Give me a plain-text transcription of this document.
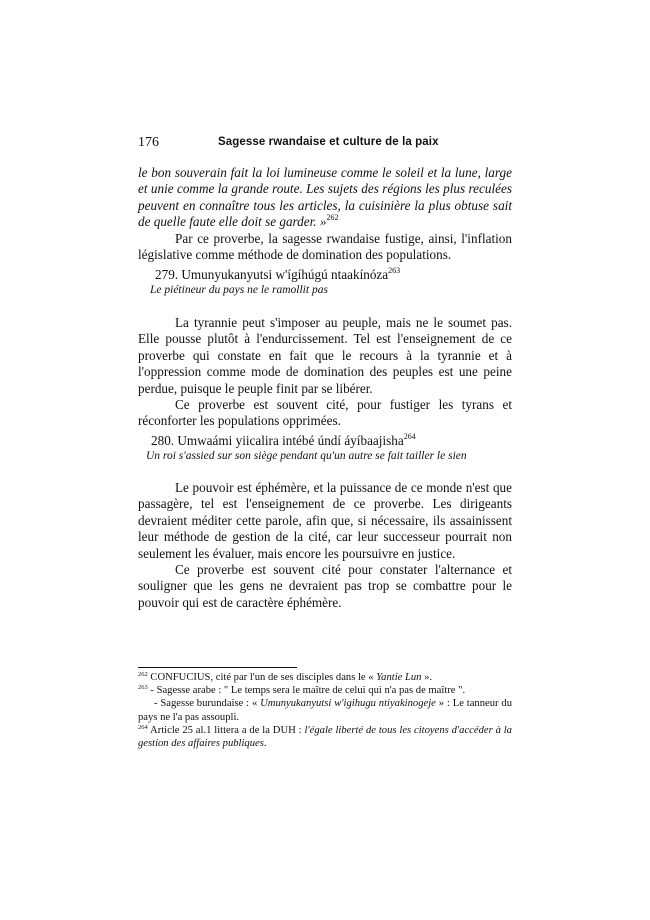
176	Sagesse rwandaise et culture de la paix

le bon souverain fait la loi lumineuse comme le soleil et la lune, large et unie comme la grande route. Les sujets des régions les plus reculées peuvent en connaître tous les articles, la cuisinière la plus obtuse sait de quelle faute elle doit se garder. »$^{262}$

Par ce proverbe, la sagesse rwandaise fustige, ainsi, l'inflation législative comme méthode de domination des populations.

279. Umunyukanyutsi w'ígíhúgú ntaakínóza$^{263}$

Le piétineur du pays ne le ramollit pas

La tyrannie peut s'imposer au peuple, mais ne le soumet pas. Elle pousse plutôt à l'endurcissement. Tel est l'enseignement de ce proverbe qui constate en fait que le recours à la tyrannie et à l'oppression comme mode de domination des peuples est une peine perdue, puisque le peuple finit par se libérer.

Ce proverbe est souvent cité, pour fustiger les tyrans et réconforter les populations opprimées.

280. Umwaámi yiicalira intébé úndí áyíbaajisha$^{264}$

Un roi s'assied sur son siège pendant qu'un autre se fait tailler le sien

Le pouvoir est éphémère, et la puissance de ce monde n'est que passagère, tel est l'enseignement de ce proverbe. Les dirigeants devraient méditer cette parole, afin que, si nécessaire, ils assainissent leur méthode de gestion de la cité, car leur successeur pourrait non seulement les évaluer, mais encore les poursuivre en justice.

Ce proverbe est souvent cité pour constater l'alternance et souligner que les gens ne devraient pas trop se combattre pour le pouvoir qui est de caractère éphémère.

$^{262}$ CONFUCIUS, cité par l'un de ses disciples dans le « Yantie Lun ».

$^{263}$ - Sagesse arabe : " Le temps sera le maître de celui qui n'a pas de maître ".

- Sagesse burundaise : « Umunyukanyutsi w'igihugu ntiyakinogeje » : Le tanneur du pays ne l'a pas assoupli.

$^{264}$ Article 25 al.1 littera a de la DUH : l'égale liberté de tous les citoyens d'accéder à la gestion des affaires publiques.
